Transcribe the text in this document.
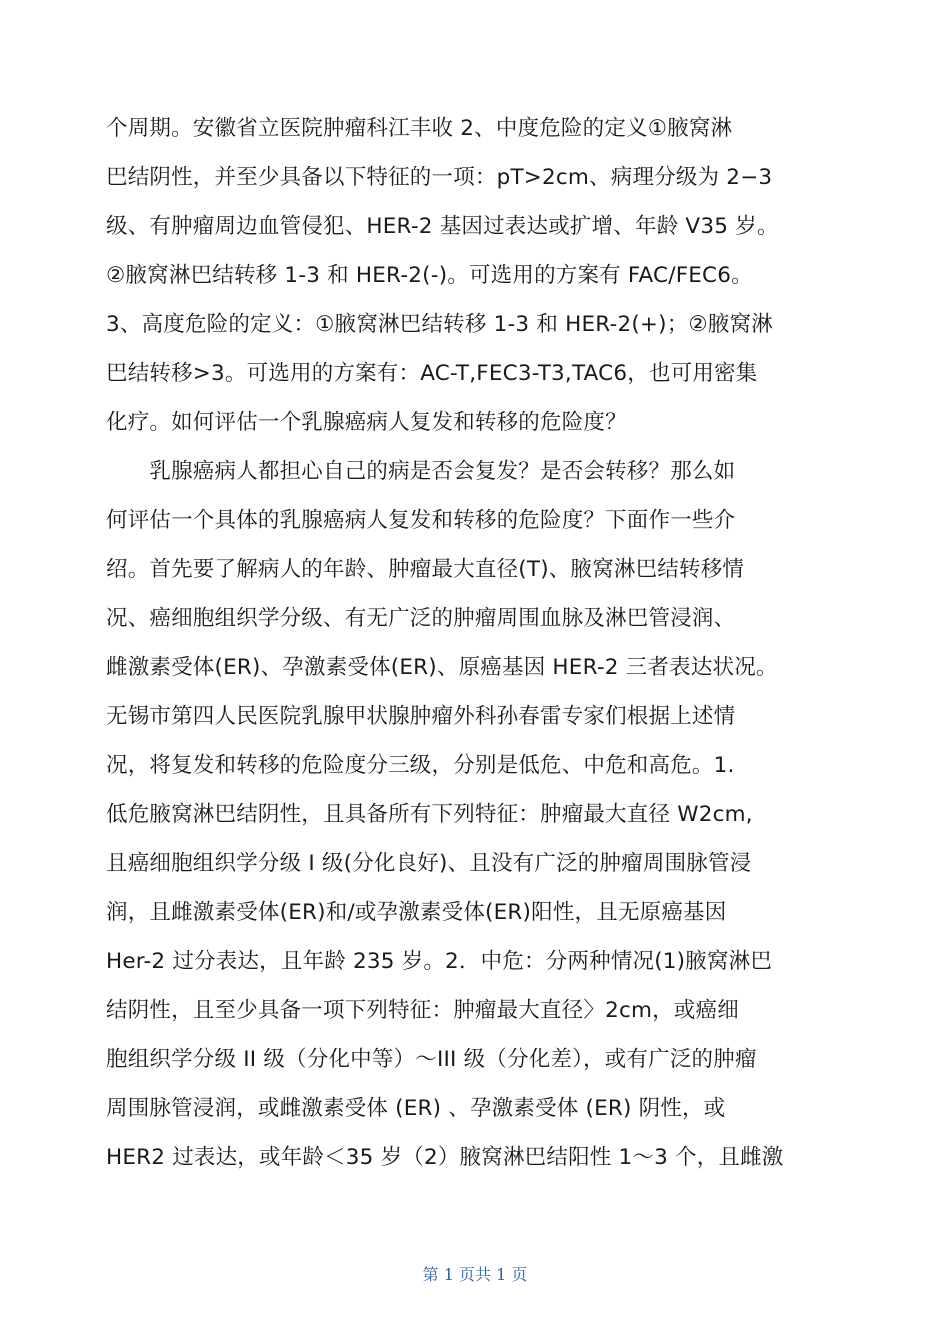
个周期。安徽省立医院肿瘤科江丰收 2、中度危险的定义①腋窝淋
巴结阴性，并至少具备以下特征的一项：pT>2cm、病理分级为 2−3
级、有肿瘤周边血管侵犯、HER-2 基因过表达或扩增、年龄 V35 岁。
②腋窝淋巴结转移 1-3 和 HER-2(-)。可选用的方案有 FAC/FEC6。
3、高度危险的定义：①腋窝淋巴结转移 1-3 和 HER-2(+)；②腋窝淋
巴结转移>3。可选用的方案有：AC-T,FEC3-T3,TAC6，也可用密集
化疗。如何评估一个乳腺癌病人复发和转移的危险度？
　　乳腺癌病人都担心自己的病是否会复发？是否会转移？那么如
何评估一个具体的乳腺癌病人复发和转移的危险度？下面作一些介
绍。首先要了解病人的年龄、肿瘤最大直径(T)、腋窝淋巴结转移情
况、癌细胞组织学分级、有无广泛的肿瘤周围血脉及淋巴管浸润、
雌激素受体(ER)、孕激素受体(ER)、原癌基因 HER-2 三者表达状况。
无锡市第四人民医院乳腺甲状腺肿瘤外科孙春雷专家们根据上述情
况，将复发和转移的危险度分三级，分别是低危、中危和高危。1.
低危腋窝淋巴结阴性，且具备所有下列特征：肿瘤最大直径 W2cm,
且癌细胞组织学分级 I 级(分化良好)、且没有广泛的肿瘤周围脉管浸
润，且雌激素受体(ER)和/或孕激素受体(ER)阳性，且无原癌基因
Her-2 过分表达，且年龄 235 岁。2．中危：分两种情况(1)腋窝淋巴
结阴性，且至少具备一项下列特征：肿瘤最大直径〉2cm，或癌细
胞组织学分级 II 级（分化中等）〜III 级（分化差），或有广泛的肿瘤
周围脉管浸润，或雌激素受体 (ER) 、孕激素受体 (ER) 阴性，或
HER2 过表达，或年龄＜35 岁（2）腋窝淋巴结阳性 1〜3 个，且雌激
第 1 页共 1 页
